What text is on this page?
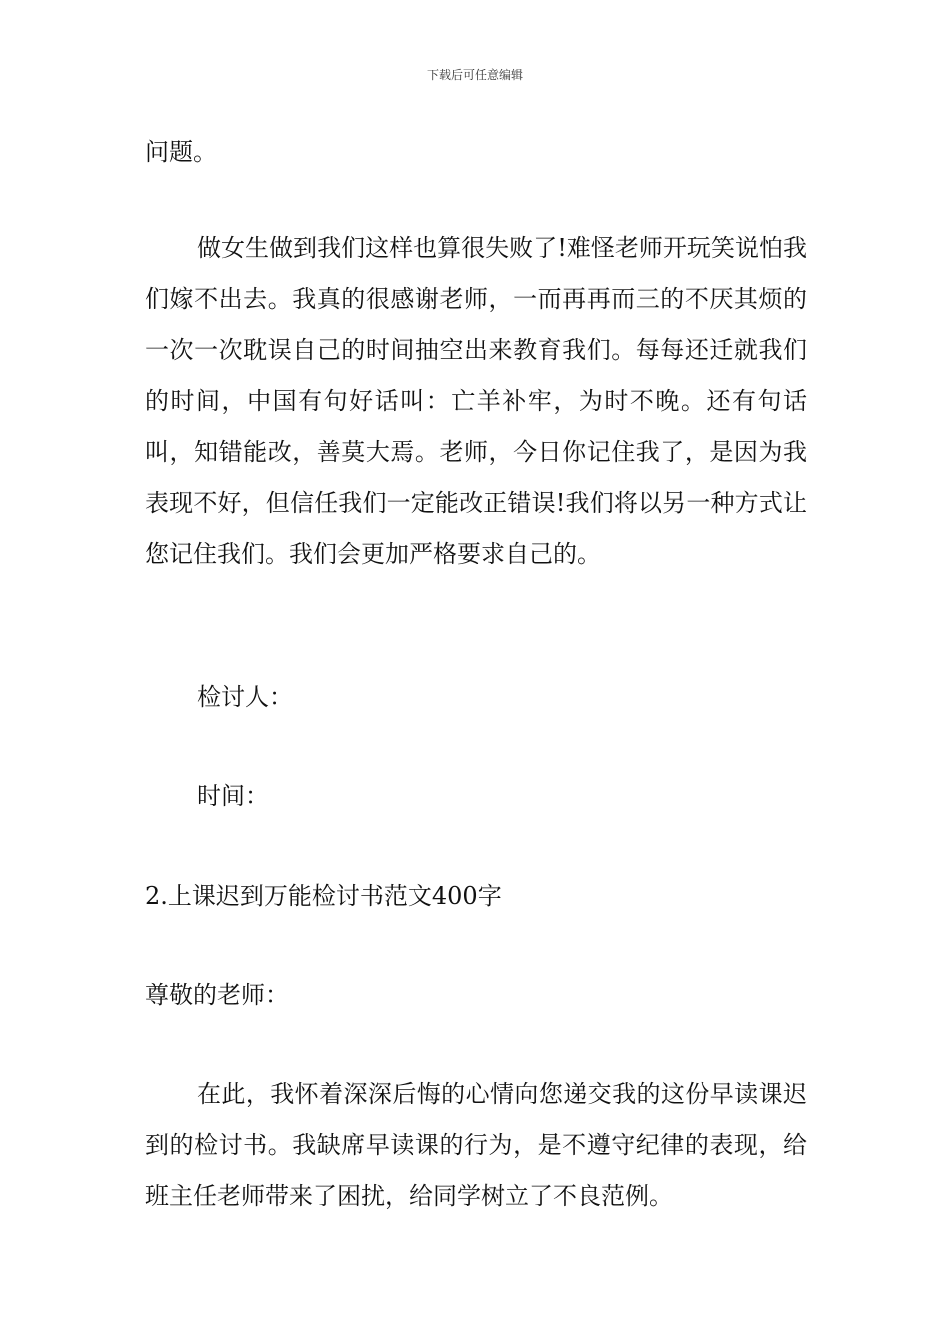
下载后可任意编辑

问题。

做女生做到我们这样也算很失败了!难怪老师开玩笑说怕我们嫁不出去。我真的很感谢老师，一而再再而三的不厌其烦的一次一次耽误自己的时间抽空出来教育我们。每每还迁就我们的时间，中国有句好话叫：亡羊补牢，为时不晚。还有句话叫，知错能改，善莫大焉。老师，今日你记住我了，是因为我表现不好，但信任我们一定能改正错误!我们将以另一种方式让您记住我们。我们会更加严格要求自己的。

检讨人：

时间：

2.上课迟到万能检讨书范文400字

尊敬的老师：

在此，我怀着深深后悔的心情向您递交我的这份早读课迟到的检讨书。我缺席早读课的行为，是不遵守纪律的表现，给班主任老师带来了困扰，给同学树立了不良范例。
